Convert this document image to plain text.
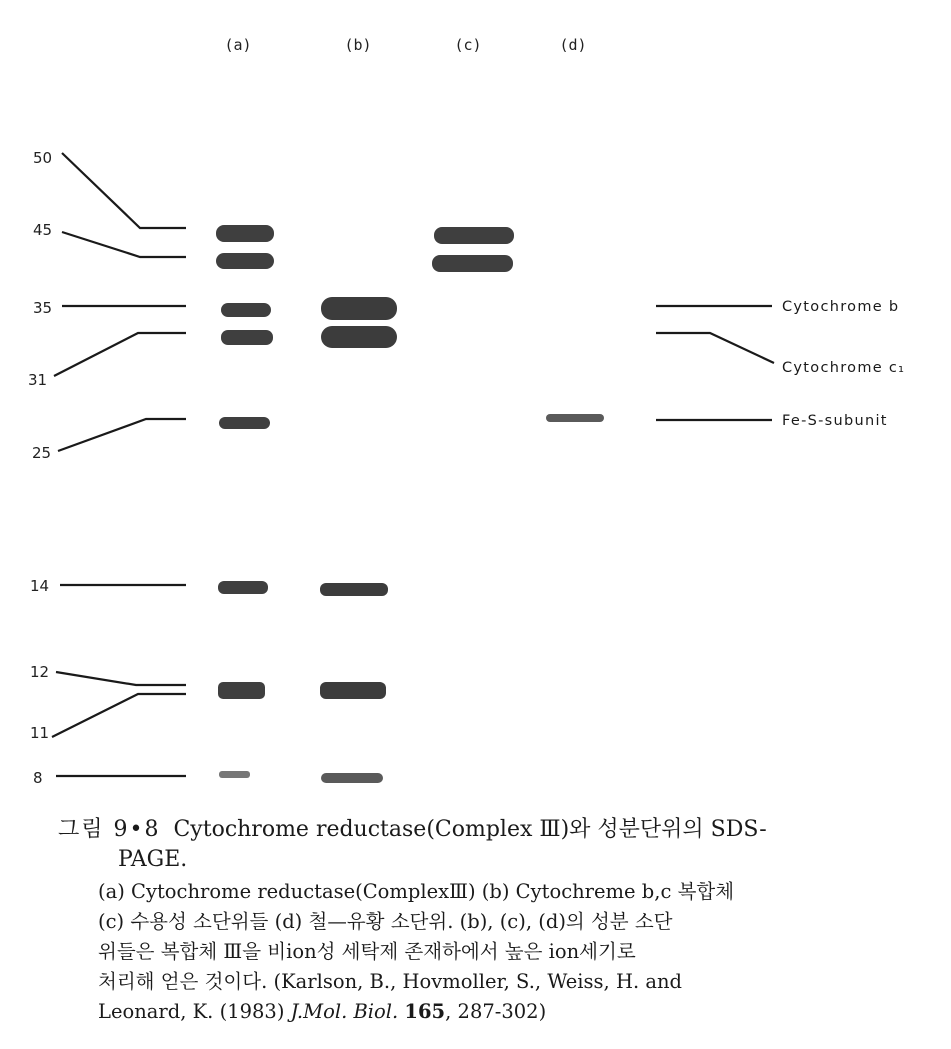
(a)	(b)	(c)	(d)
50
45
35
31
25
14
12
11
8
Cytochrome b
Cytochrome c₁
Fe-S-subunit
그림 9•8 Cytochrome reductase(Complex Ⅲ)와 성분단위의 SDS-
PAGE.

(a) Cytochrome reductase(ComplexⅢ) (b) Cytochreme b,c 복합체

(c) 수용성 소단위들 (d) 철—유황 소단위. (b), (c), (d)의 성분 소단

위들은 복합체 Ⅲ을 비ion성 세탁제 존재하에서 높은 ion세기로

처리해 얻은 것이다. (Karlson, B., Hovmoller, S., Weiss, H. and

Leonard, K. (1983) J.Mol. Biol. 165, 287-302)
